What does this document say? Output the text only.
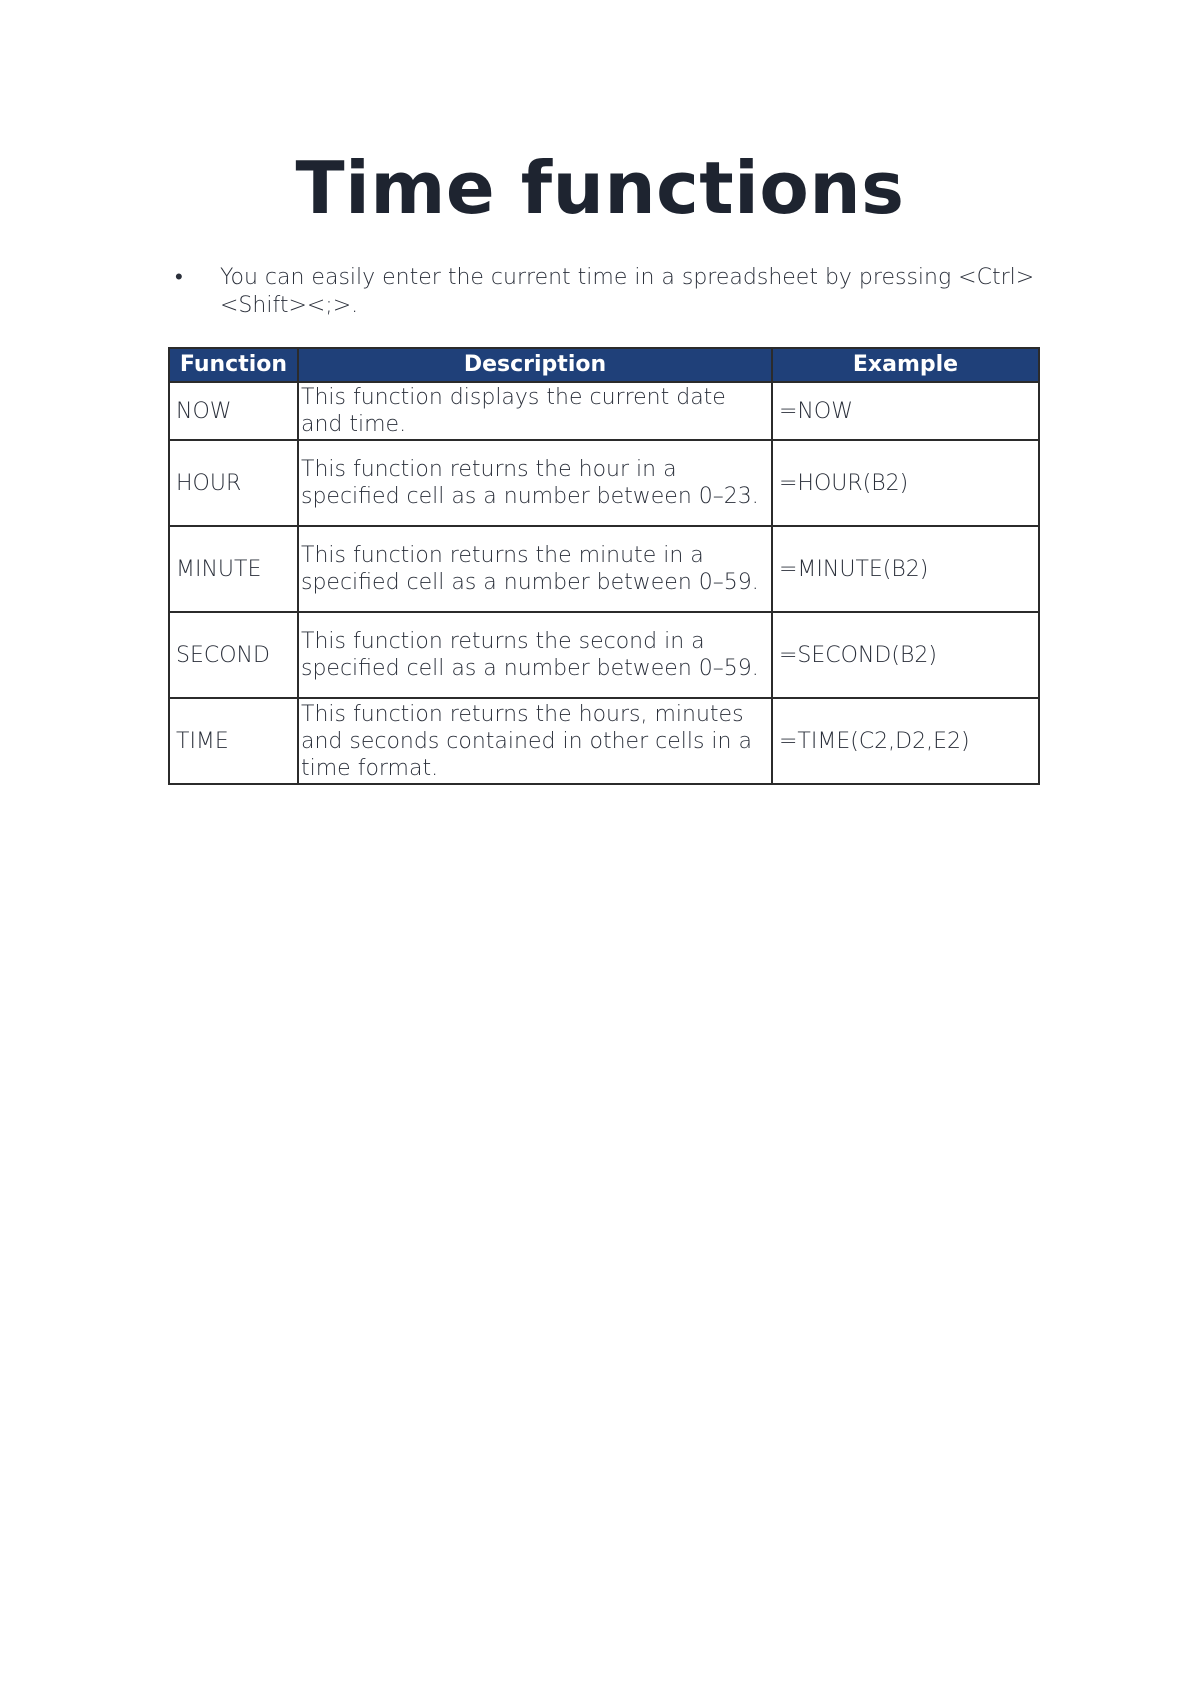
Time functions
•	You can easily enter the current time in a spreadsheet by pressing <Ctrl><Shift><;>.
Function	Description	Example
NOW	This function displays the current date and time.	=NOW
HOUR	This function returns the hour in a specified cell as a number between 0–23.	=HOUR(B2)
MINUTE	This function returns the minute in a specified cell as a number between 0–59.	=MINUTE(B2)
SECOND	This function returns the second in a specified cell as a number between 0–59.	=SECOND(B2)
TIME	This function returns the hours, minutes and seconds contained in other cells in a time format.	=TIME(C2,D2,E2)
